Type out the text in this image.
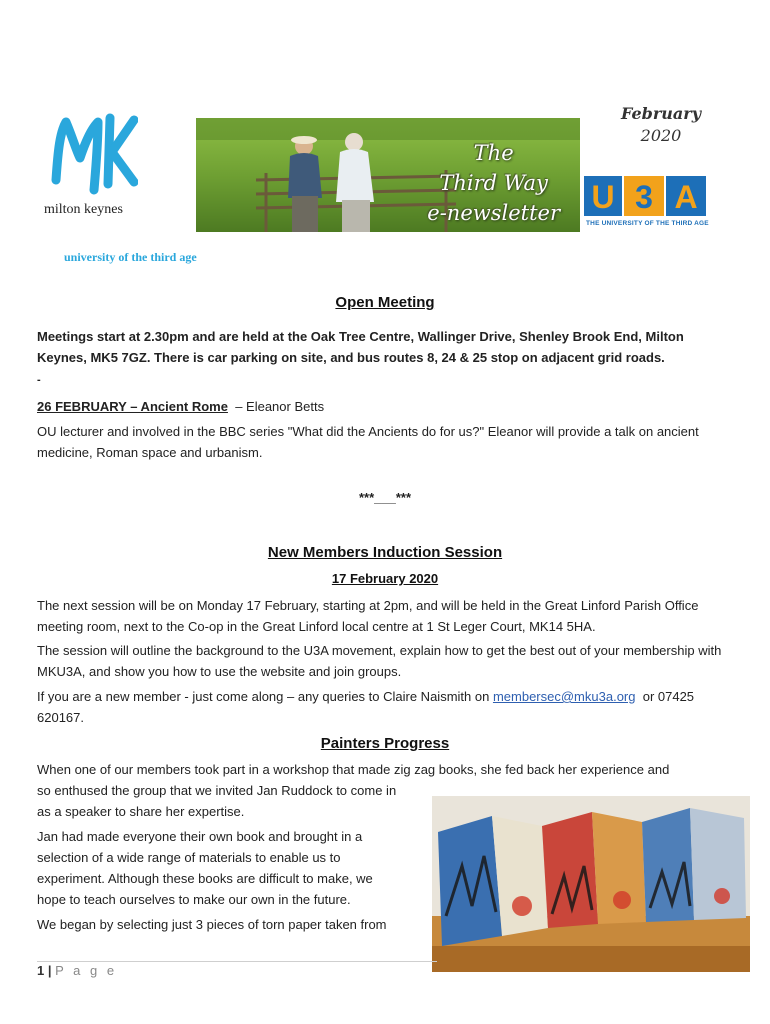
milton keynes
university of the third age
The
Third Way
e-newsletter
February
2020
U 3 A
THE UNIVERSITY OF THE THIRD AGE
Open Meeting
Meetings start at 2.30pm and are held at the Oak Tree Centre, Wallinger Drive, Shenley Brook End, Milton Keynes, MK5 7GZ. There is car parking on site, and bus routes 8, 24 & 25 stop on adjacent grid roads.
-
26 FEBRUARY – Ancient Rome – Eleanor Betts
OU lecturer and involved in the BBC series "What did the Ancients do for us?" Eleanor will provide a talk on ancient medicine, Roman space and urbanism.
***___***
New Members Induction Session
17 February 2020
The next session will be on Monday 17 February, starting at 2pm, and will be held in the Great Linford Parish Office meeting room, next to the Co-op in the Great Linford local centre at 1 St Leger Court, MK14 5HA.
The session will outline the background to the U3A movement, explain how to get the best out of your membership with MKU3A, and show you how to use the website and join groups.
If you are a new member - just come along – any queries to Claire Naismith on membersec@mku3a.org or 07425 620167.
Painters Progress
When one of our members took part in a workshop that made zig zag books, she fed back her experience and
so enthused the group that we invited Jan Ruddock to come in
as a speaker to share her expertise.
Jan had made everyone their own book and brought in a
selection of a wide range of materials to enable us to
experiment. Although these books are difficult to make, we
hope to teach ourselves to make our own in the future.
We began by selecting just 3 pieces of torn paper taken from
1 | P a g e
